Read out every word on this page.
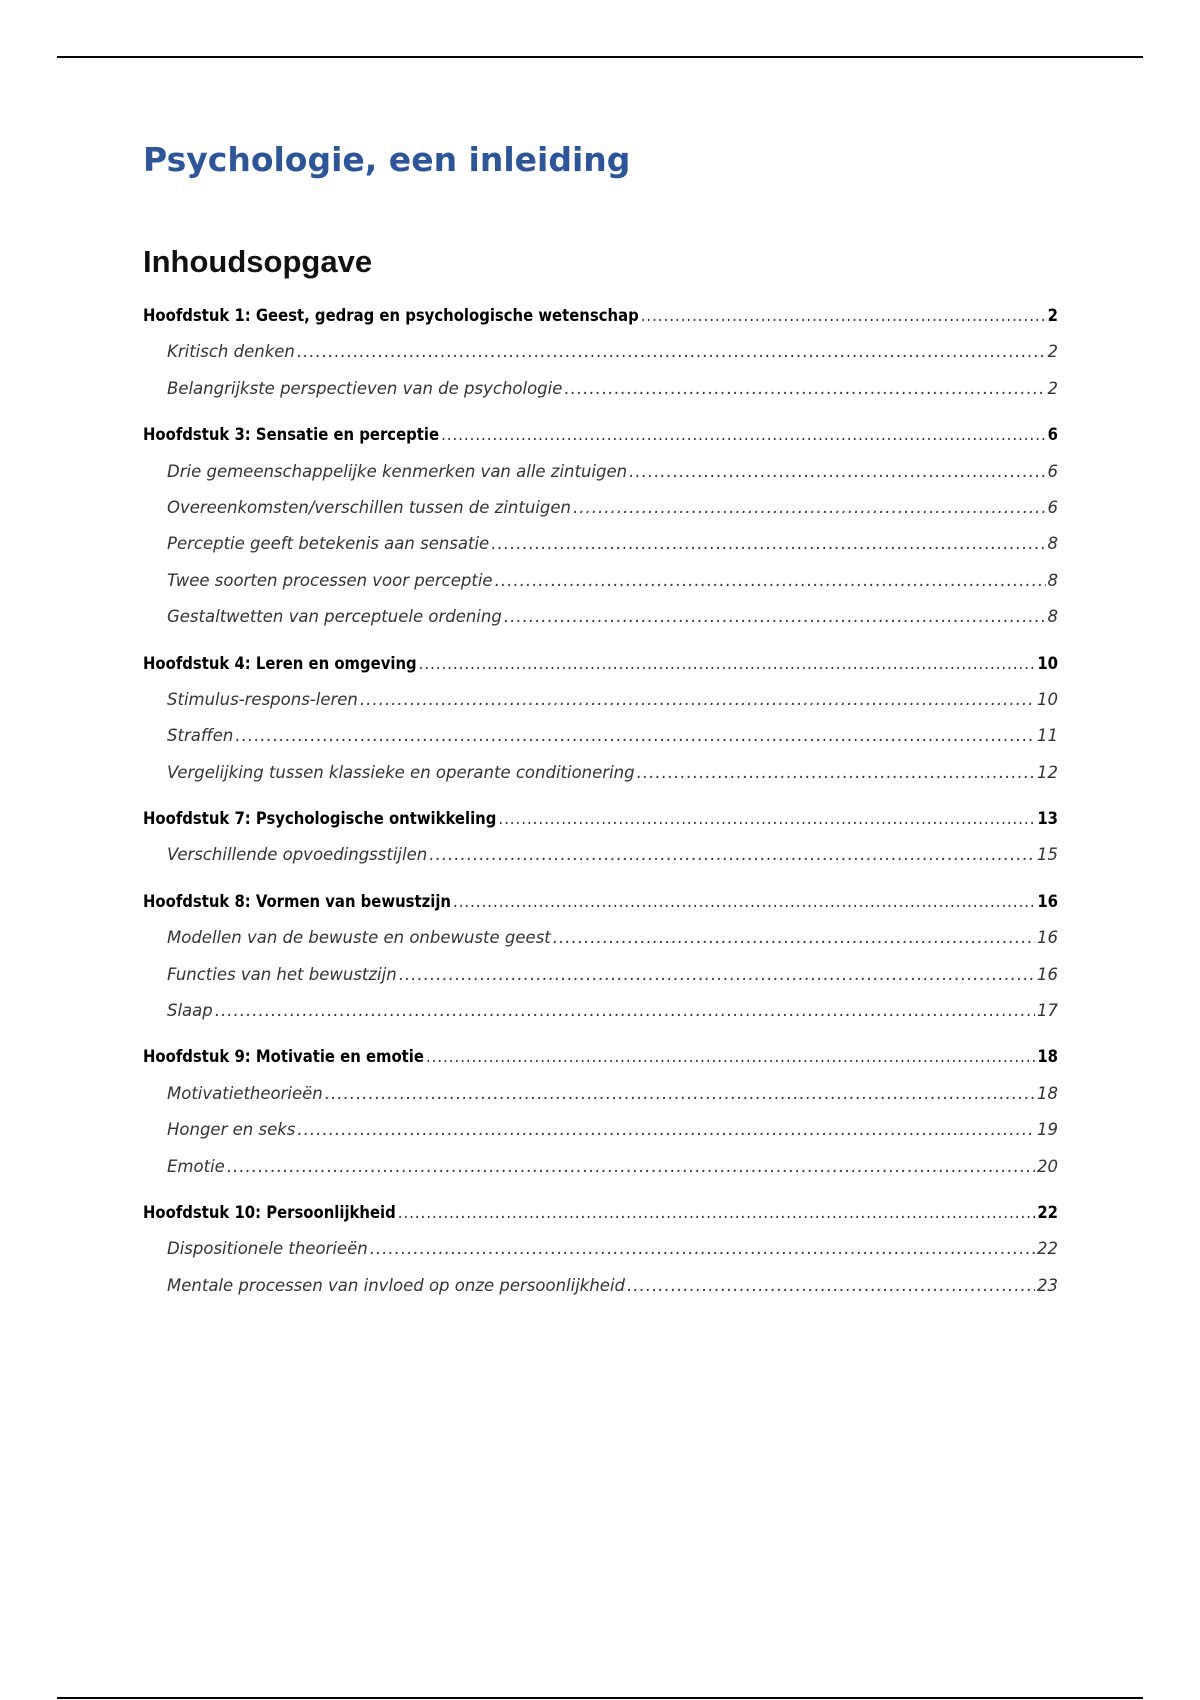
Psychologie, een inleiding
Inhoudsopgave
Hoofdstuk 1: Geest, gedrag en psychologische wetenschap .....	2
Kritisch denken .....	2
Belangrijkste perspectieven van de psychologie .....	2
Hoofdstuk 3: Sensatie en perceptie .....	6
Drie gemeenschappelijke kenmerken van alle zintuigen .....	6
Overeenkomsten/verschillen tussen de zintuigen .....	6
Perceptie geeft betekenis aan sensatie .....	8
Twee soorten processen voor perceptie .....	8
Gestaltwetten van perceptuele ordening .....	8
Hoofdstuk 4: Leren en omgeving .....	10
Stimulus-respons-leren .....	10
Straffen .....	11
Vergelijking tussen klassieke en operante conditionering .....	12
Hoofdstuk 7: Psychologische ontwikkeling .....	13
Verschillende opvoedingsstijlen .....	15
Hoofdstuk 8: Vormen van bewustzijn .....	16
Modellen van de bewuste en onbewuste geest .....	16
Functies van het bewustzijn .....	16
Slaap .....	17
Hoofdstuk 9: Motivatie en emotie .....	18
Motivatietheorieën .....	18
Honger en seks .....	19
Emotie .....	20
Hoofdstuk 10: Persoonlijkheid .....	22
Dispositionele theorieën .....	22
Mentale processen van invloed op onze persoonlijkheid .....	23
